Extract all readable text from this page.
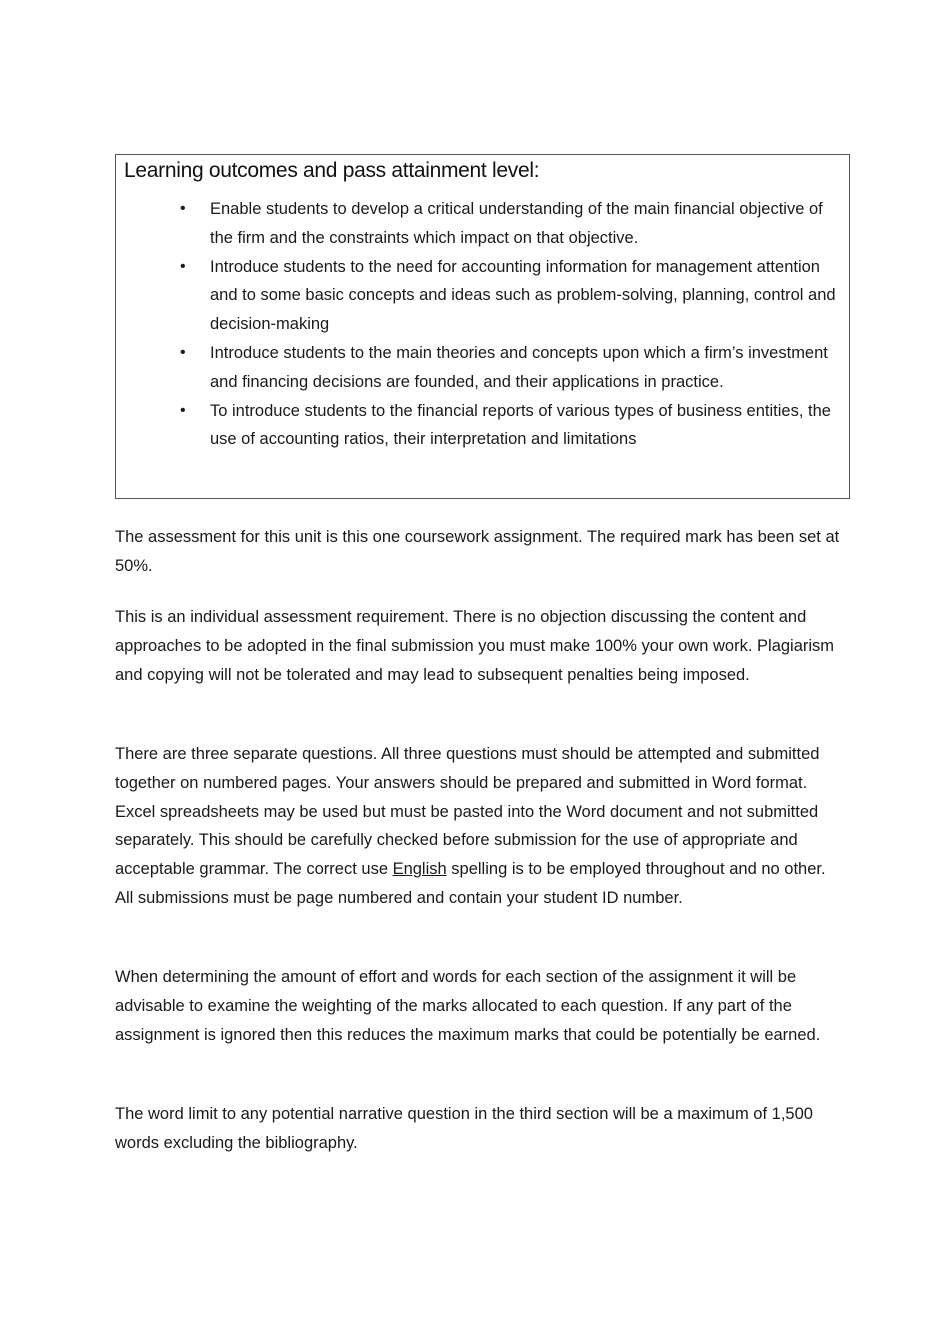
Learning outcomes and pass attainment level:
• Enable students to develop a critical understanding of the main financial objective of the firm and the constraints which impact on that objective.
• Introduce students to the need for accounting information for management attention and to some basic concepts and ideas such as problem-solving, planning, control and decision-making
• Introduce students to the main theories and concepts upon which a firm’s investment and financing decisions are founded, and their applications in practice.
• To introduce students to the financial reports of various types of business entities, the use of accounting ratios, their interpretation and limitations

The assessment for this unit is this one coursework assignment. The required mark has been set at 50%.

This is an individual assessment requirement. There is no objection discussing the content and approaches to be adopted in the final submission you must make 100% your own work. Plagiarism and copying will not be tolerated and may lead to subsequent penalties being imposed.

There are three separate questions. All three questions must should be attempted and submitted together on numbered pages. Your answers should be prepared and submitted in Word format. Excel spreadsheets may be used but must be pasted into the Word document and not submitted separately. This should be carefully checked before submission for the use of appropriate and acceptable grammar. The correct use English spelling is to be employed throughout and no other. All submissions must be page numbered and contain your student ID number.

When determining the amount of effort and words for each section of the assignment it will be advisable to examine the weighting of the marks allocated to each question. If any part of the assignment is ignored then this reduces the maximum marks that could be potentially be earned.

The word limit to any potential narrative question in the third section will be a maximum of 1,500 words excluding the bibliography.
